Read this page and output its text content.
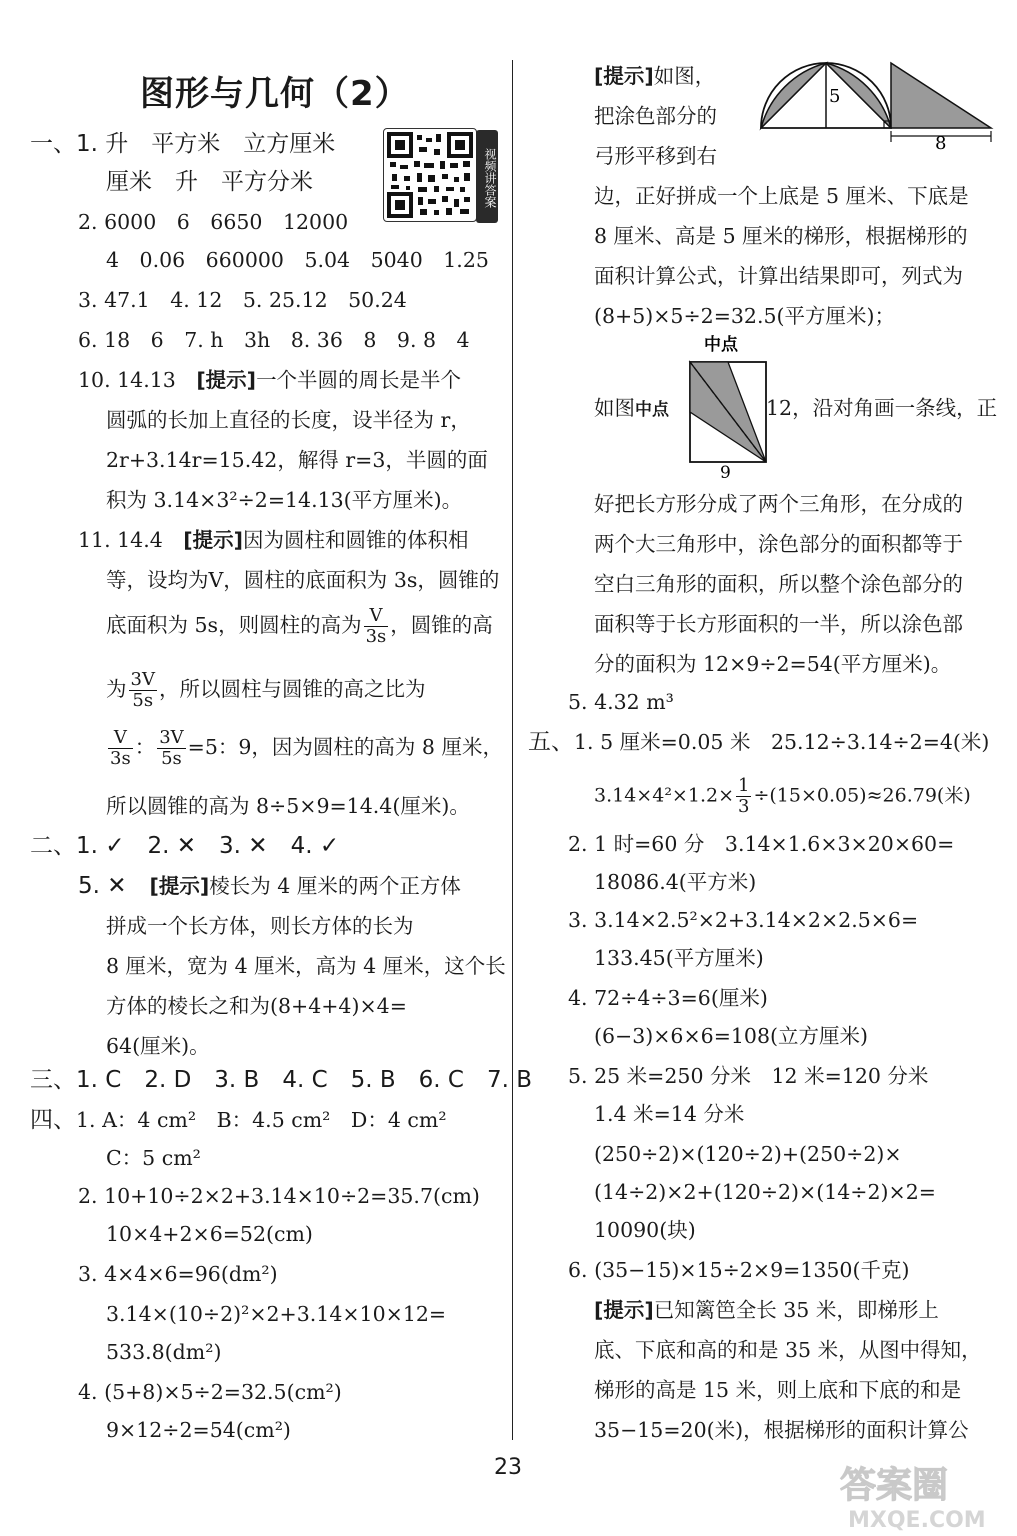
图形与几何（2）
视频讲答案
一、1. 升　平方米　立方厘米
厘米　升　平方分米
2. 6000　6　6650　12000
4　0.06　660000　5.04　5040　1.25
3. 47.1　4. 12　5. 25.12　50.24
6. 18　6　7. h　3h　8. 36　8　9. 8　4
10. 14.13　[提示]一个半圆的周长是半个
圆弧的长加上直径的长度，设半径为 r，
2r+3.14r=15.42，解得 r=3，半圆的面
积为 3.14×3²÷2=14.13(平方厘米)。
11. 14.4　[提示]因为圆柱和圆锥的体积相
等，设均为V，圆柱的底面积为 3s，圆锥的
底面积为 5s，则圆柱的高为 $\frac{V}{3s}$ ，圆锥的高
为 $\frac{3V}{5s}$ ，所以圆柱与圆锥的高之比为
$\frac{V}{3s}$ ： $\frac{3V}{5s} =5$：9，因为圆柱的高为 8 厘米，
所以圆锥的高为 8÷5×9=14.4(厘米)。
二、1. ✓　2. ✕　3. ✕　4. ✓
5. ✕　[提示]棱长为 4 厘米的两个正方体
拼成一个长方体，则长方体的长为
8 厘米，宽为 4 厘米，高为 4 厘米，这个长
方体的棱长之和为(8+4+4)×4=
64(厘米)。
三、1. C　2. D　3. B　4. C　5. B　6. C　7. B
四、1. A：4 cm²　B：4.5 cm²　D：4 cm²
C：5 cm²
2. 10+10÷2×2+3.14×10÷2=35.7(cm)
10×4+2×6=52(cm)
3. 4×4×6=96(dm²)
3.14×(10÷2)²×2+3.14×10×12=
533.8(dm²)
4. (5+8)×5÷2=32.5(cm²)
9×12÷2=54(cm²)
[提示]如图，
把涂色部分的
弓形平移到右
5
8
边，正好拼成一个上底是 5 厘米、下底是
8 厘米、高是 5 厘米的梯形，根据梯形的
面积计算公式，计算出结果即可，列式为
(8+5)×5÷2=32.5(平方厘米)；
中点
9
如图中点	12，沿对角画一条线，正
好把长方形分成了两个三角形，在分成的
两个大三角形中，涂色部分的面积都等于
空白三角形的面积，所以整个涂色部分的
面积等于长方形面积的一半，所以涂色部
分的面积为 12×9÷2=54(平方厘米)。
5. 4.32 m³
五、1. 5 厘米=0.05 米　25.12÷3.14÷2=4(米)
$3.14\times 4^2\times 1.2\times \frac{1}{3} \div(15\times 0.05)\approx 26.79$(米)
2. 1 时=60 分　3.14×1.6×3×20×60=
18086.4(平方米)
3. 3.14×2.5²×2+3.14×2×2.5×6=
133.45(平方厘米)
4. 72÷4÷3=6(厘米)
(6−3)×6×6=108(立方厘米)
5. 25 米=250 分米　12 米=120 分米
1.4 米=14 分米
(250÷2)×(120÷2)+(250÷2)×
(14÷2)×2+(120÷2)×(14÷2)×2=
10090(块)
6. (35−15)×15÷2×9=1350(千克)
[提示]已知篱笆全长 35 米，即梯形上
底、下底和高的和是 35 米，从图中得知，
梯形的高是 15 米，则上底和下底的和是
35−15=20(米)，根据梯形的面积计算公
23	答案圈
MXQE.COM
